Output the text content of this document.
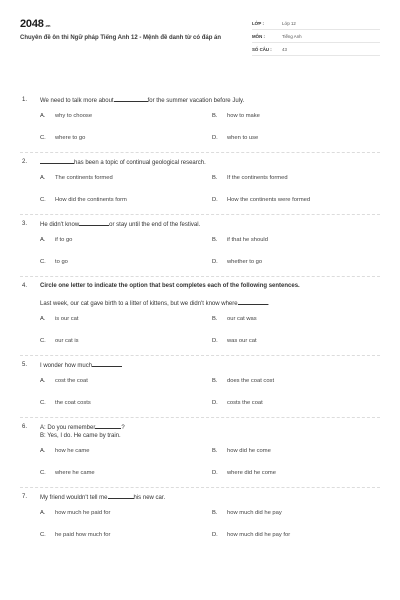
2048 .vn
Chuyên đề ôn thi Ngữ pháp Tiếng Anh 12 - Mệnh đề danh từ có đáp án
LỚP :	Lớp 12
MÔN :	Tiếng Anh
SỐ CÂU :	43
1.	We need to talk more about	for the summer vacation before July.
A.	why to choose	B.	how to make
C.	where to go	D.	when to use
2.	has been a topic of continual geological research.
A.	The continents formed	B.	If the continents formed
C.	How did the continents form	D.	How the continents were formed
3.	He didn't know	or stay until the end of the festival.
A.	if to go	B.	if that he should
C.	to go	D.	whether to go
4.	Circle one letter to indicate the option that best completes each of the following sentences.
Last week, our cat gave birth to a litter of kittens, but we didn't know where	.
A.	is our cat	B.	our cat was
C.	our cat is	D.	was our cat
5.	I wonder how much
A.	cost the coat	B.	does the coat cost
C.	the coat costs	D.	costs the coat
6.	A: Do you remember	?
B: Yes, I do. He came by train.
A.	how he came	B.	how did he come
C.	where he came	D.	where did he come
7.	My friend wouldn't tell me	his new car.
A.	how much he paid for	B.	how much did he pay
C.	he paid how much for	D.	how much did he pay for
